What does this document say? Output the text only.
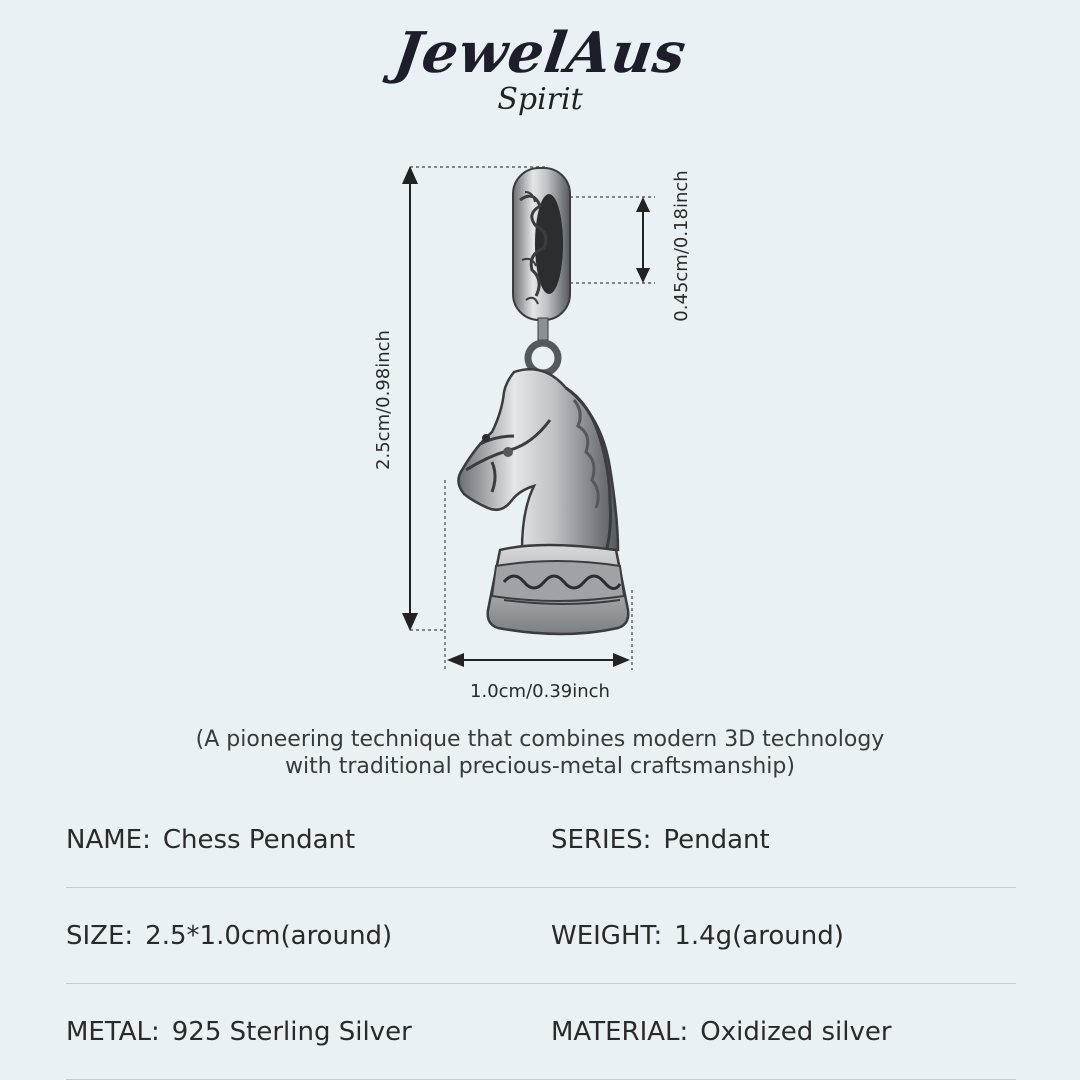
JewelAus
Spirit
2.5cm/0.98inch
0.45cm/0.18inch
1.0cm/0.39inch
(A pioneering technique that combines modern 3D technology
with traditional precious-metal craftsmanship)
NAME: Chess Pendant	SERIES: Pendant
SIZE: 2.5*1.0cm(around)	WEIGHT: 1.4g(around)
METAL: 925 Sterling Silver	MATERIAL: Oxidized silver
